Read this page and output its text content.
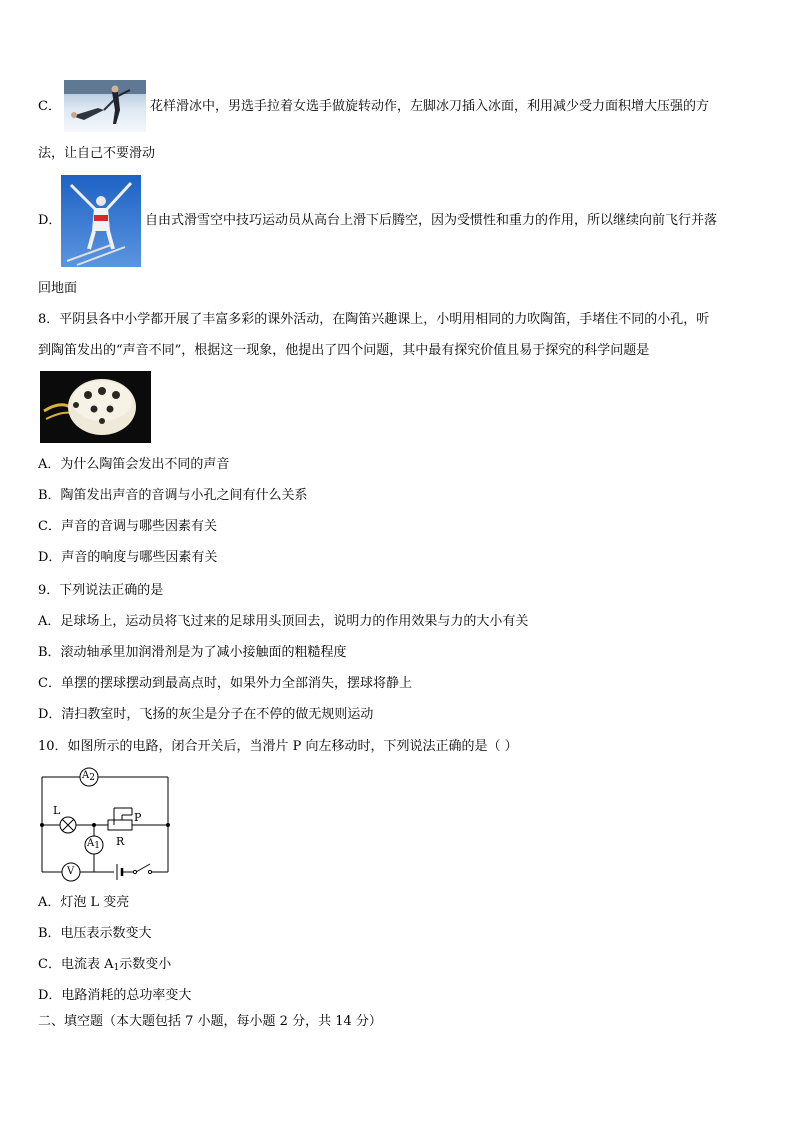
C．	花样滑冰中，男选手拉着女选手做旋转动作，左脚冰刀插入冰面，利用减少受力面积增大压强的方
法，让自己不要滑动
D．	自由式滑雪空中技巧运动员从高台上滑下后腾空，因为受惯性和重力的作用，所以继续向前飞行并落
回地面
8．平阴县各中小学都开展了丰富多彩的课外活动，在陶笛兴趣课上，小明用相同的力吹陶笛，手堵住不同的小孔，听
到陶笛发出的“声音不同”，根据这一现象，他提出了四个问题，其中最有探究价值且易于探究的科学问题是
A．为什么陶笛会发出不同的声音
B．陶笛发出声音的音调与小孔之间有什么关系
C．声音的音调与哪些因素有关
D．声音的响度与哪些因素有关
9．下列说法正确的是
A．足球场上，运动员将飞过来的足球用头顶回去，说明力的作用效果与力的大小有关
B．滚动轴承里加润滑剂是为了减小接触面的粗糙程度
C．单摆的摆球摆动到最高点时，如果外力全部消失，摆球将静上
D．清扫教室时，飞扬的灰尘是分子在不停的做无规则运动
10．如图所示的电路，闭合开关后，当滑片 P 向左移动时，下列说法正确的是（ ）
A2
A1
V
L
P
R
A．灯泡 L 变亮
B．电压表示数变大
C．电流表 $A_1$示数变小
D．电路消耗的总功率变大
二、填空题（本大题包括 7 小题，每小题 2 分，共 14 分）
